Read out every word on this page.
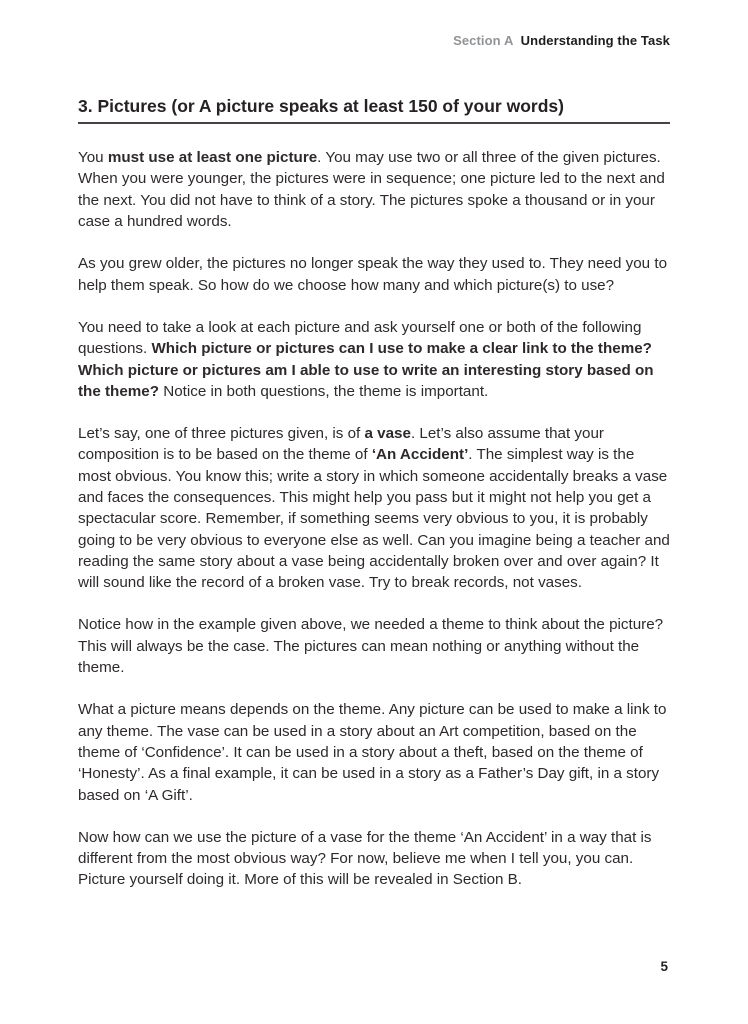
Section A Understanding the Task
3. Pictures (or A picture speaks at least 150 of your words)

You must use at least one picture. You may use two or all three of the given pictures. When you were younger, the pictures were in sequence; one picture led to the next and the next. You did not have to think of a story. The pictures spoke a thousand or in your case a hundred words.

As you grew older, the pictures no longer speak the way they used to. They need you to help them speak. So how do we choose how many and which picture(s) to use?

You need to take a look at each picture and ask yourself one or both of the following questions. Which picture or pictures can I use to make a clear link to the theme? Which picture or pictures am I able to use to write an interesting story based on the theme? Notice in both questions, the theme is important.

Let’s say, one of three pictures given, is of a vase. Let’s also assume that your composition is to be based on the theme of ‘An Accident’. The simplest way is the most obvious. You know this; write a story in which someone accidentally breaks a vase and faces the consequences. This might help you pass but it might not help you get a spectacular score. Remember, if something seems very obvious to you, it is probably going to be very obvious to everyone else as well. Can you imagine being a teacher and reading the same story about a vase being accidentally broken over and over again? It will sound like the record of a broken vase. Try to break records, not vases.

Notice how in the example given above, we needed a theme to think about the picture? This will always be the case. The pictures can mean nothing or anything without the theme.

What a picture means depends on the theme. Any picture can be used to make a link to any theme. The vase can be used in a story about an Art competition, based on the theme of ‘Confidence’. It can be used in a story about a theft, based on the theme of ‘Honesty’. As a final example, it can be used in a story as a Father’s Day gift, in a story based on ‘A Gift’.

Now how can we use the picture of a vase for the theme ‘An Accident’ in a way that is different from the most obvious way? For now, believe me when I tell you, you can. Picture yourself doing it. More of this will be revealed in Section B.

5
